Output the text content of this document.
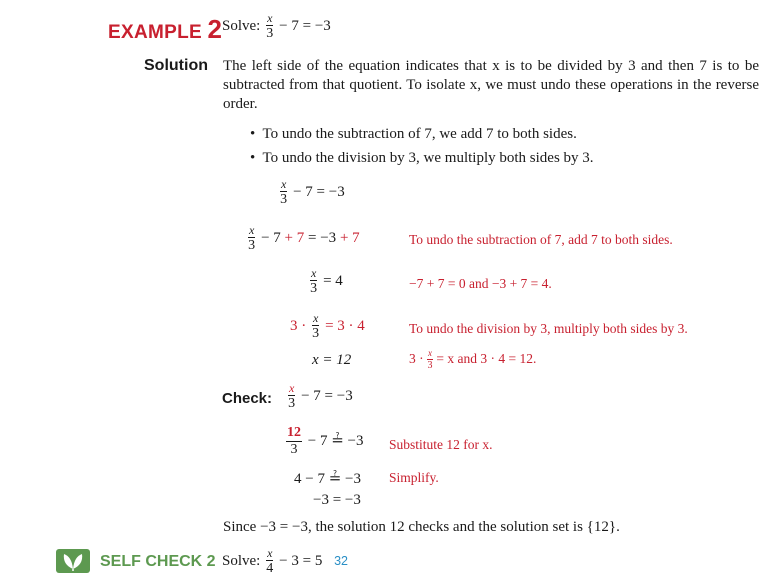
EXAMPLE 2 Solve: $\frac{x}{3} - 7 = -3$
Solution The left side of the equation indicates that x is to be divided by 3 and then 7 is to be subtracted from that quotient. To isolate x, we must undo these operations in the reverse order.
• To undo the subtraction of 7, we add 7 to both sides.
• To undo the division by 3, we multiply both sides by 3.
$\frac{x}{3} - 7 = -3$
$\frac{x}{3} - 7 + 7 = -3 + 7$	To undo the subtraction of 7, add 7 to both sides.
$\frac{x}{3} = 4$	−7 + 7 = 0 and −3 + 7 = 4.
$3 \cdot \frac{x}{3} = 3 \cdot 4$	To undo the division by 3, multiply both sides by 3.
x = 12	$3 \cdot \frac{x}{3} = x$ and 3 · 4 = 12.
Check: $\frac{x}{3} - 7 = -3$
$\frac{12}{3} - 7$ ≟ −3 Substitute 12 for x.
4 − 7 ≟ −3 Simplify.
−3 = −3
Since −3 = −3, the solution 12 checks and the solution set is {12}.
SELF CHECK 2 Solve: $\frac{x}{4} - 3 = 5$ 32
